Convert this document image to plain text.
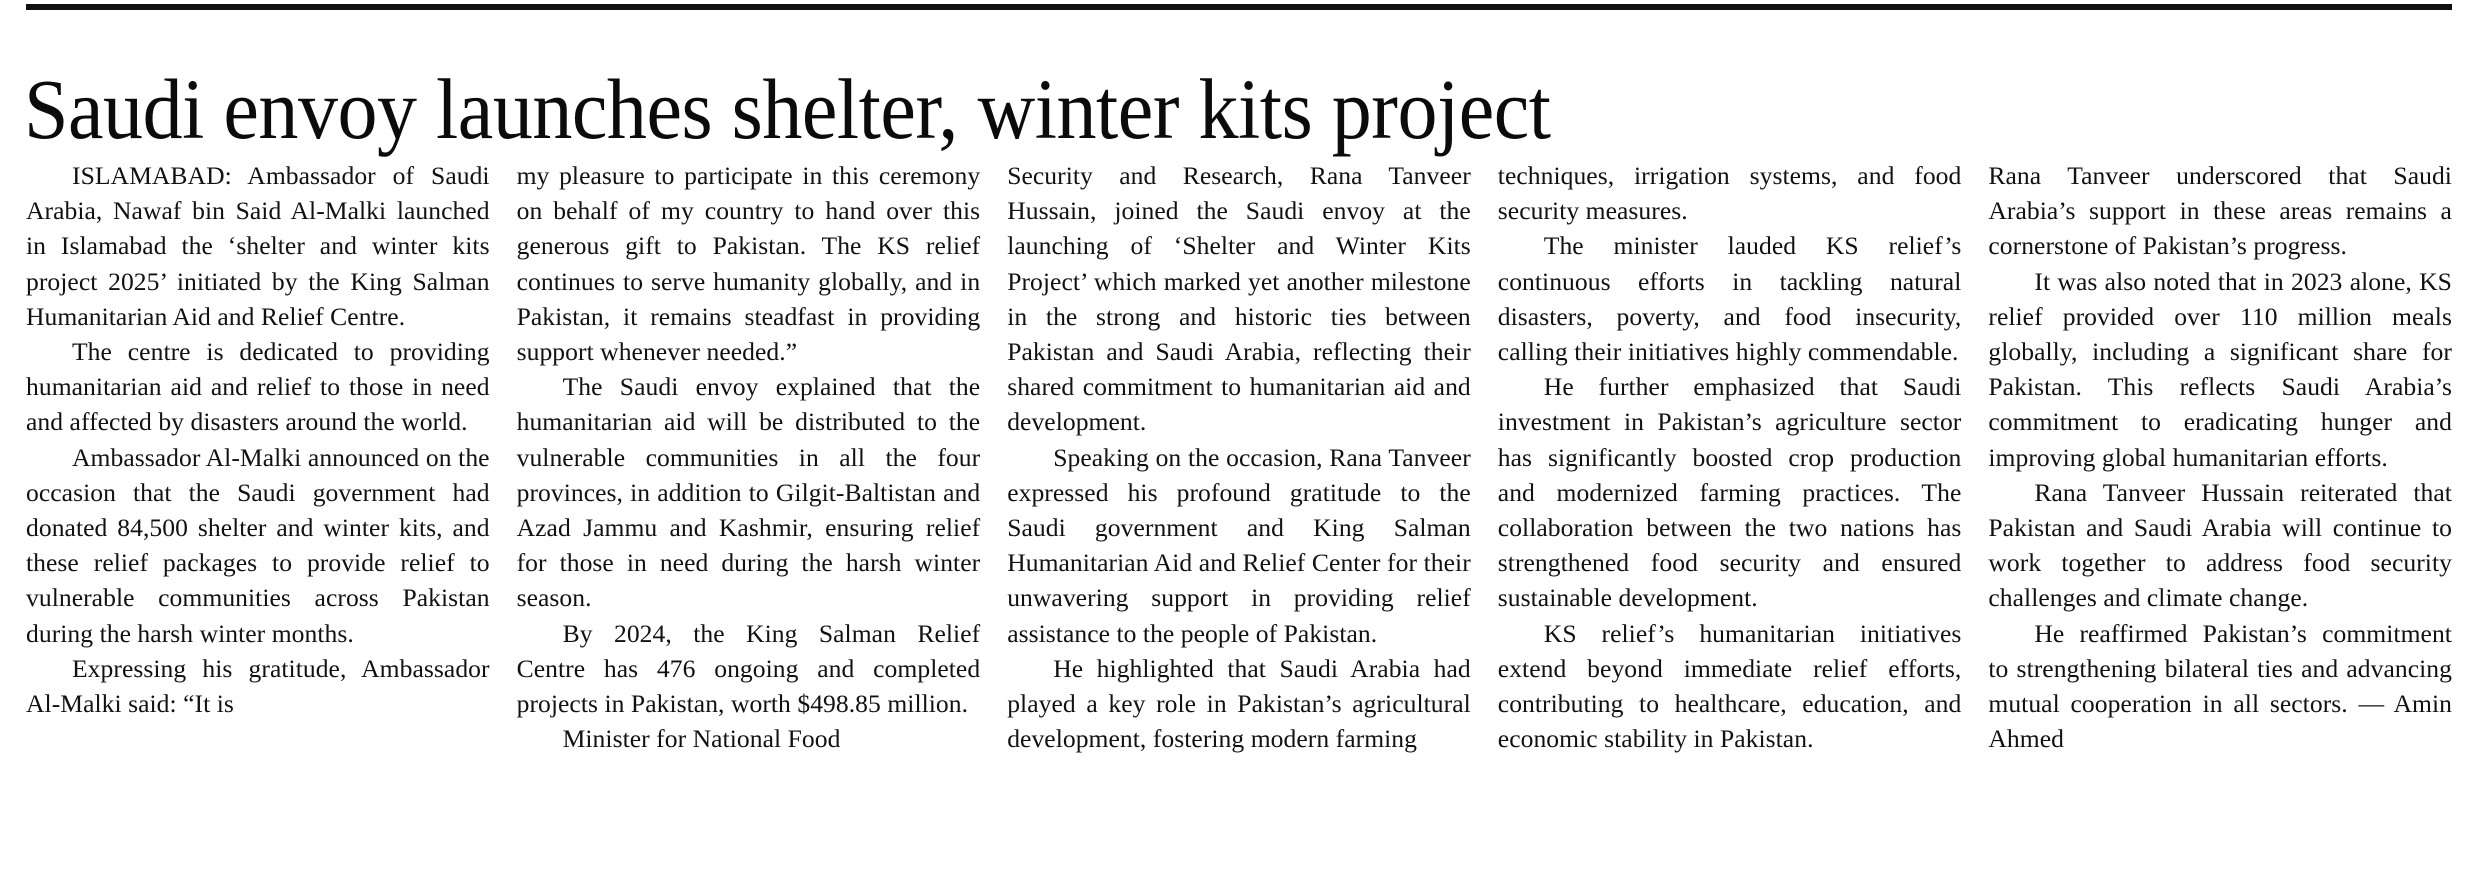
Saudi envoy launches shelter, winter kits project

ISLAMABAD: Ambassador of Saudi Arabia, Nawaf bin Said Al-Malki launched in Islamabad the ‘shelter and winter kits project 2025’ initiated by the King Salman Humanitarian Aid and Relief Centre.

The centre is dedicated to providing humanitarian aid and relief to those in need and affected by disasters around the world.

Ambassador Al-Malki announced on the occasion that the Saudi government had donated 84,500 shelter and winter kits, and these relief packages to provide relief to vulnerable communities across Pakistan during the harsh winter months.

Expressing his gratitude, Ambassador Al-Malki said: “It is

my pleasure to participate in this ceremony on behalf of my country to hand over this generous gift to Pakistan. The KS relief continues to serve humanity globally, and in Pakistan, it remains steadfast in providing support whenever needed.”

The Saudi envoy explained that the humanitarian aid will be distributed to the vulnerable communities in all the four provinces, in addition to Gilgit-Baltistan and Azad Jammu and Kashmir, ensuring relief for those in need during the harsh winter season.

By 2024, the King Salman Relief Centre has 476 ongoing and completed projects in Pakistan, worth $498.85 million.

Minister for National Food

Security and Research, Rana Tanveer Hussain, joined the Saudi envoy at the launching of ‘Shelter and Winter Kits Project’ which marked yet another milestone in the strong and historic ties between Pakistan and Saudi Arabia, reflecting their shared commitment to humanitarian aid and development.

Speaking on the occasion, Rana Tanveer expressed his profound gratitude to the Saudi government and King Salman Humanitarian Aid and Relief Center for their unwavering support in providing relief assistance to the people of Pakistan.

He highlighted that Saudi Arabia had played a key role in Pakistan’s agricultural development, fostering modern farming

techniques, irrigation systems, and food security measures.

The minister lauded KS relief’s continuous efforts in tackling natural disasters, poverty, and food insecurity, calling their initiatives highly commendable.

He further emphasized that Saudi investment in Pakistan’s agriculture sector has significantly boosted crop production and modernized farming practices. The collaboration between the two nations has strengthened food security and ensured sustainable development.

KS relief’s humanitarian initiatives extend beyond immediate relief efforts, contributing to healthcare, education, and economic stability in Pakistan.

Rana Tanveer underscored that Saudi Arabia’s support in these areas remains a cornerstone of Pakistan’s progress.

It was also noted that in 2023 alone, KS relief provided over 110 million meals globally, including a significant share for Pakistan. This reflects Saudi Arabia’s commitment to eradicating hunger and improving global humanitarian efforts.

Rana Tanveer Hussain reiterated that Pakistan and Saudi Arabia will continue to work together to address food security challenges and climate change.

He reaffirmed Pakistan’s commitment to strengthening bilateral ties and advancing mutual cooperation in all sectors. — Amin Ahmed
